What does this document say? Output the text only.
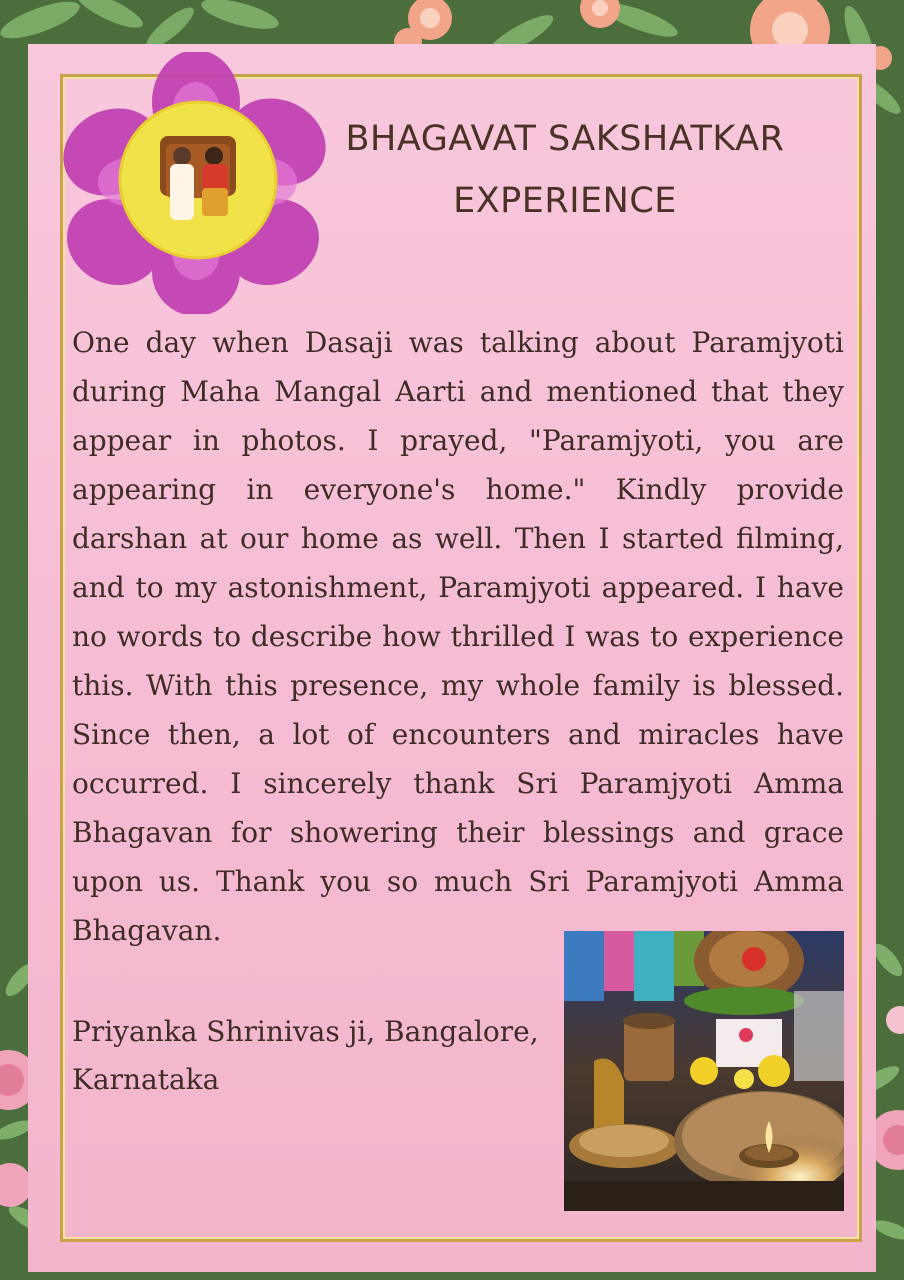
BHAGAVAT SAKSHATKAR
EXPERIENCE

One day when Dasaji was talking about Paramjyoti during Maha Mangal Aarti and mentioned that they appear in photos. I prayed, "Paramjyoti, you are appearing in everyone's home." Kindly provide darshan at our home as well. Then I started filming, and to my astonishment, Paramjyoti appeared. I have no words to describe how thrilled I was to experience this. With this presence, my whole family is blessed. Since then, a lot of encounters and miracles have occurred. I sincerely thank Sri Paramjyoti Amma Bhagavan for showering their blessings and grace upon us. Thank you so much Sri Paramjyoti Amma Bhagavan.

Priyanka Shrinivas ji, Bangalore,
Karnataka
